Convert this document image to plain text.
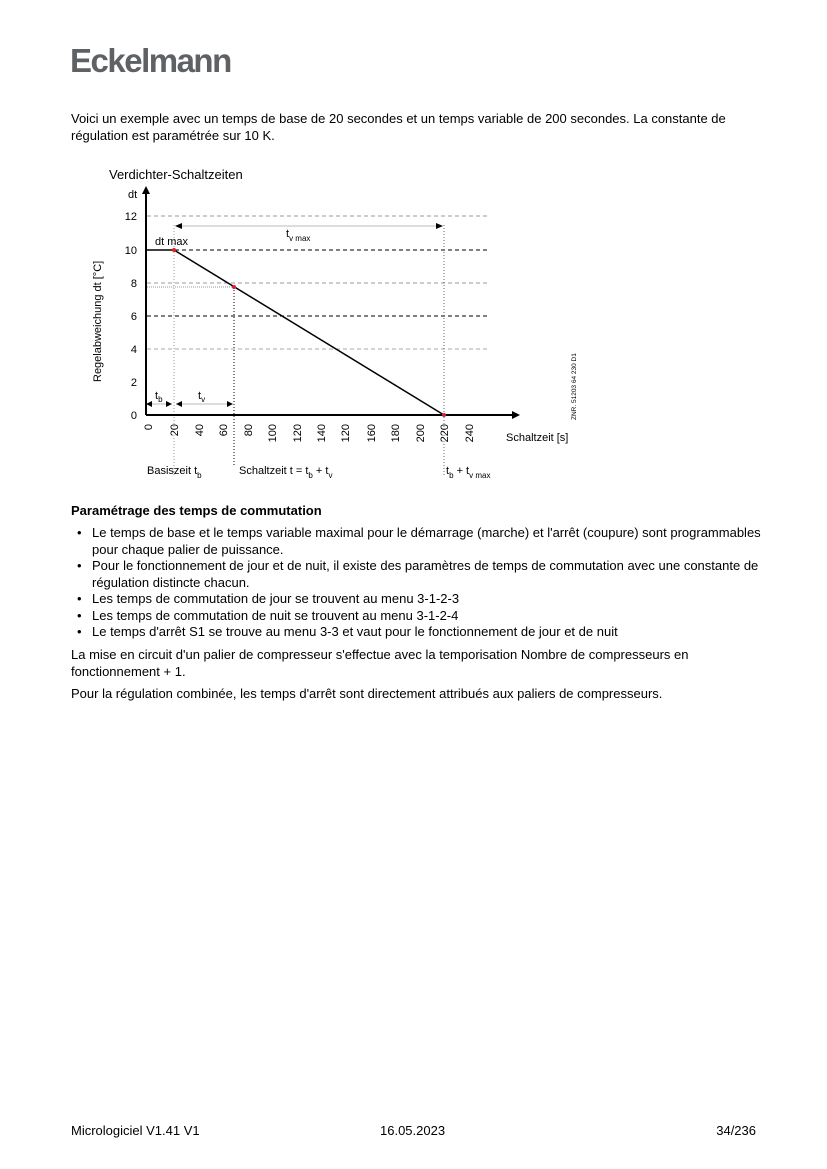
Eckelmann
Voici un exemple avec un temps de base de 20 secondes et un temps variable de 200 secondes. La constante de régulation est paramétrée sur 10 K.
Verdichter-Schaltzeiten
dt
Regelabweichung dt [°C]
0
2
4
6
8
10
12
0 20 40 60 80 100 120 140 120 160 180 200 220 240	Schaltzeit [s]
dt max
$t_{v max}$
$t_b$	$t_v$
Basiszeit $t_b$	Schaltzeit $t = t_b + t_v$	$t_b + t_{v max}$
ZNR. 51203 64 230 D1
Paramétrage des temps de commutation
• Le temps de base et le temps variable maximal pour le démarrage (marche) et l'arrêt (coupure) sont programmables pour chaque palier de puissance.
• Pour le fonctionnement de jour et de nuit, il existe des paramètres de temps de commutation avec une constante de régulation distincte chacun.
• Les temps de commutation de jour se trouvent au menu 3-1-2-3
• Les temps de commutation de nuit se trouvent au menu 3-1-2-4
• Le temps d'arrêt S1 se trouve au menu 3-3 et vaut pour le fonctionnement de jour et de nuit
La mise en circuit d'un palier de compresseur s'effectue avec la temporisation Nombre de compresseurs en fonctionnement + 1.
Pour la régulation combinée, les temps d'arrêt sont directement attribués aux paliers de compresseurs.
Micrologiciel V1.41 V1	16.05.2023	34/236
